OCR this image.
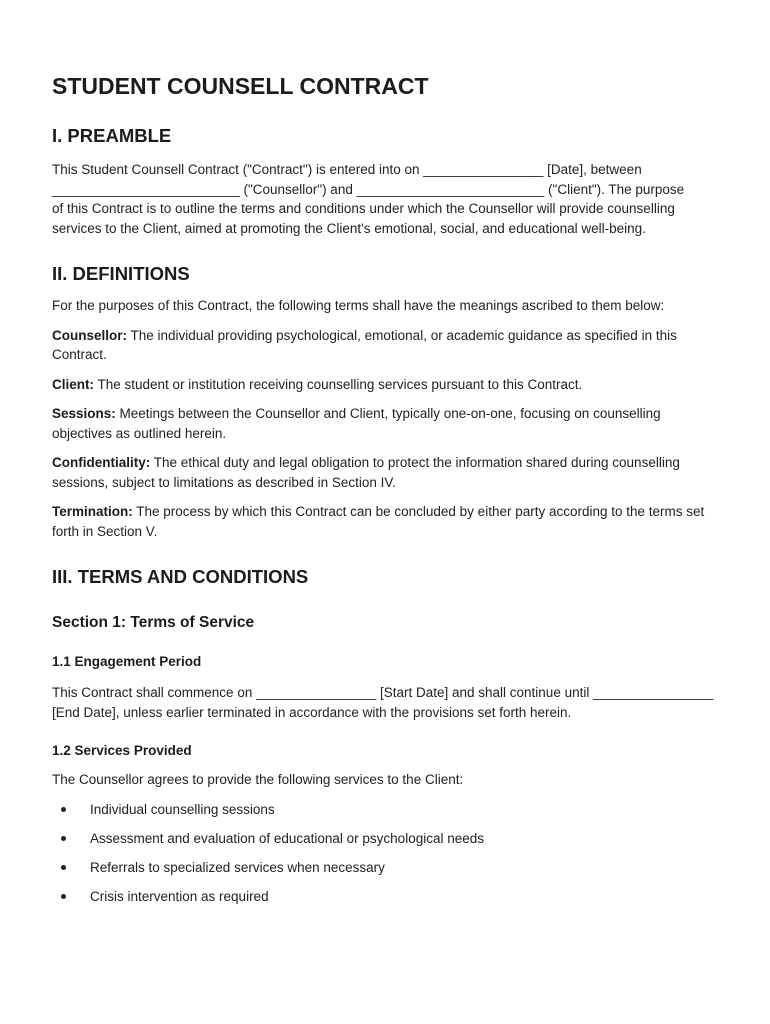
STUDENT COUNSELL CONTRACT
I. PREAMBLE

This Student Counsell Contract ("Contract") is entered into on ________________ [Date], between _________________________ ("Counsellor") and _________________________ ("Client"). The purpose of this Contract is to outline the terms and conditions under which the Counsellor will provide counselling services to the Client, aimed at promoting the Client's emotional, social, and educational well-being.

II. DEFINITIONS

For the purposes of this Contract, the following terms shall have the meanings ascribed to them below:

Counsellor: The individual providing psychological, emotional, or academic guidance as specified in this Contract.

Client: The student or institution receiving counselling services pursuant to this Contract.

Sessions: Meetings between the Counsellor and Client, typically one-on-one, focusing on counselling objectives as outlined herein.

Confidentiality: The ethical duty and legal obligation to protect the information shared during counselling sessions, subject to limitations as described in Section IV.

Termination: The process by which this Contract can be concluded by either party according to the terms set forth in Section V.

III. TERMS AND CONDITIONS
Section 1: Terms of Service
1.1 Engagement Period

This Contract shall commence on ________________ [Start Date] and shall continue until ________________ [End Date], unless earlier terminated in accordance with the provisions set forth herein.

1.2 Services Provided

The Counsellor agrees to provide the following services to the Client:

Individual counselling sessions
Assessment and evaluation of educational or psychological needs
Referrals to specialized services when necessary
Crisis intervention as required
